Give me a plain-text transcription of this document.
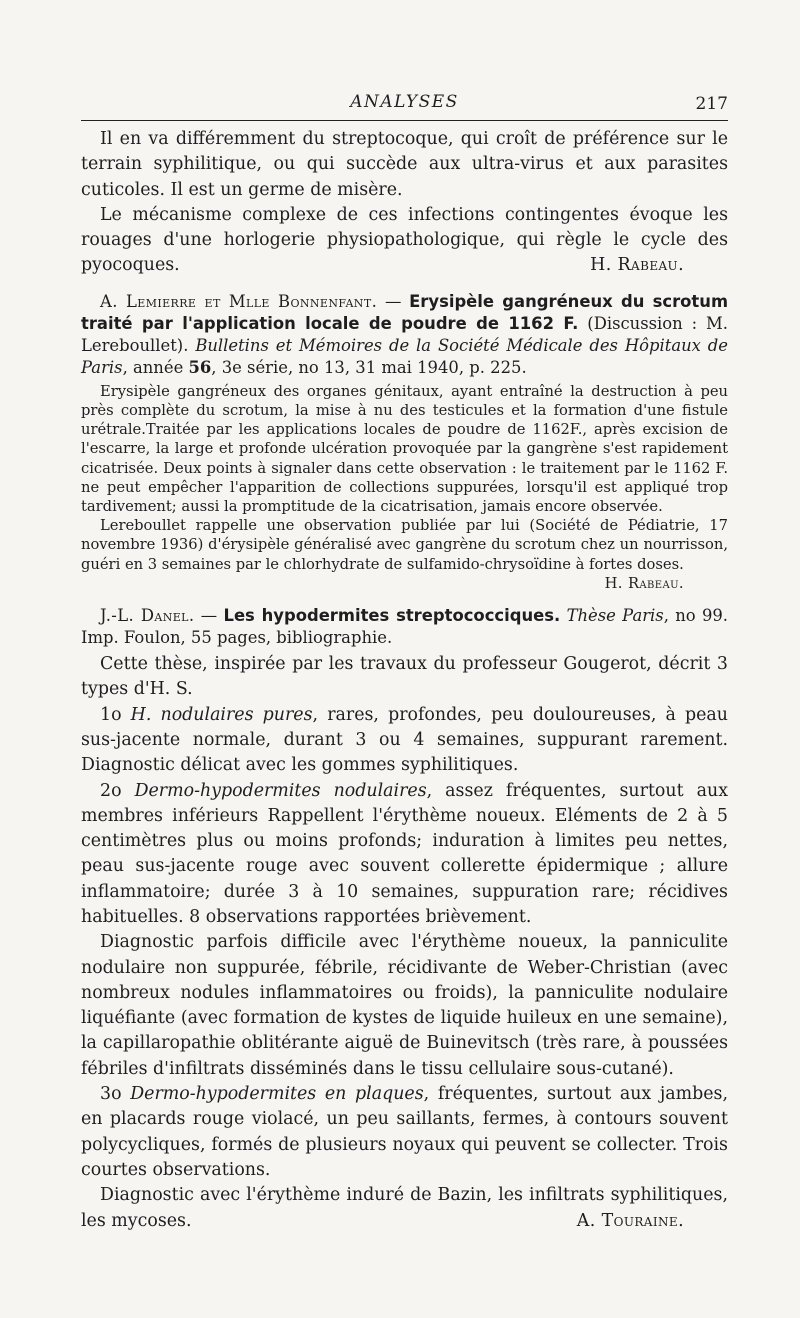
ANALYSES	217

Il en va différemment du streptocoque, qui croît de préférence sur le terrain syphilitique, ou qui succède aux ultra-virus et aux parasites cuticoles. Il est un germe de misère.

Le mécanisme complexe de ces infections contingentes évoque les rouages d'une horlogerie physiopathologique, qui règle le cycle des pyocoques.	H. Rabeau.

A. Lemierre et Mlle Bonnenfant. — Erysipèle gangréneux du scrotum traité par l'application locale de poudre de 1162 F. (Discussion : M. Lereboullet). Bulletins et Mémoires de la Société Médicale des Hôpitaux de Paris, année 56, 3e série, no 13, 31 mai 1940, p. 225.

Erysipèle gangréneux des organes génitaux, ayant entraîné la destruction à peu près complète du scrotum, la mise à nu des testicules et la formation d'une fistule urétrale.Traitée par les applications locales de poudre de 1162F., après excision de l'escarre, la large et profonde ulcération provoquée par la gangrène s'est rapidement cicatrisée. Deux points à signaler dans cette observation : le traitement par le 1162 F. ne peut empêcher l'apparition de collections suppurées, lorsqu'il est appliqué trop tardivement; aussi la promptitude de la cicatrisation, jamais encore observée.

Lereboullet rappelle une observation publiée par lui (Société de Pédiatrie, 17 novembre 1936) d'érysipèle généralisé avec gangrène du scrotum chez un nourrisson, guéri en 3 semaines par le chlorhydrate de sulfamido-chrysoïdine à fortes doses.
H. Rabeau.

J.-L. Danel. — Les hypodermites streptococciques. Thèse Paris, no 99. Imp. Foulon, 55 pages, bibliographie.

Cette thèse, inspirée par les travaux du professeur Gougerot, décrit 3 types d'H. S.

1o H. nodulaires pures, rares, profondes, peu douloureuses, à peau sus-jacente normale, durant 3 ou 4 semaines, suppurant rarement. Diagnostic délicat avec les gommes syphilitiques.

2o Dermo-hypodermites nodulaires, assez fréquentes, surtout aux membres inférieurs Rappellent l'érythème noueux. Eléments de 2 à 5 centimètres plus ou moins profonds; induration à limites peu nettes, peau sus-jacente rouge avec souvent collerette épidermique ; allure inflammatoire; durée 3 à 10 semaines, suppuration rare; récidives habituelles. 8 observations rapportées brièvement.

Diagnostic parfois difficile avec l'érythème noueux, la panniculite nodulaire non suppurée, fébrile, récidivante de Weber-Christian (avec nombreux nodules inflammatoires ou froids), la panniculite nodulaire liquéfiante (avec formation de kystes de liquide huileux en une semaine), la capillaropathie oblitérante aiguë de Buinevitsch (très rare, à poussées fébriles d'infiltrats disséminés dans le tissu cellulaire sous-cutané).

3o Dermo-hypodermites en plaques, fréquentes, surtout aux jambes, en placards rouge violacé, un peu saillants, fermes, à contours souvent polycycliques, formés de plusieurs noyaux qui peuvent se collecter. Trois courtes observations.

Diagnostic avec l'érythème induré de Bazin, les infiltrats syphilitiques, les mycoses.	A. Touraine.
